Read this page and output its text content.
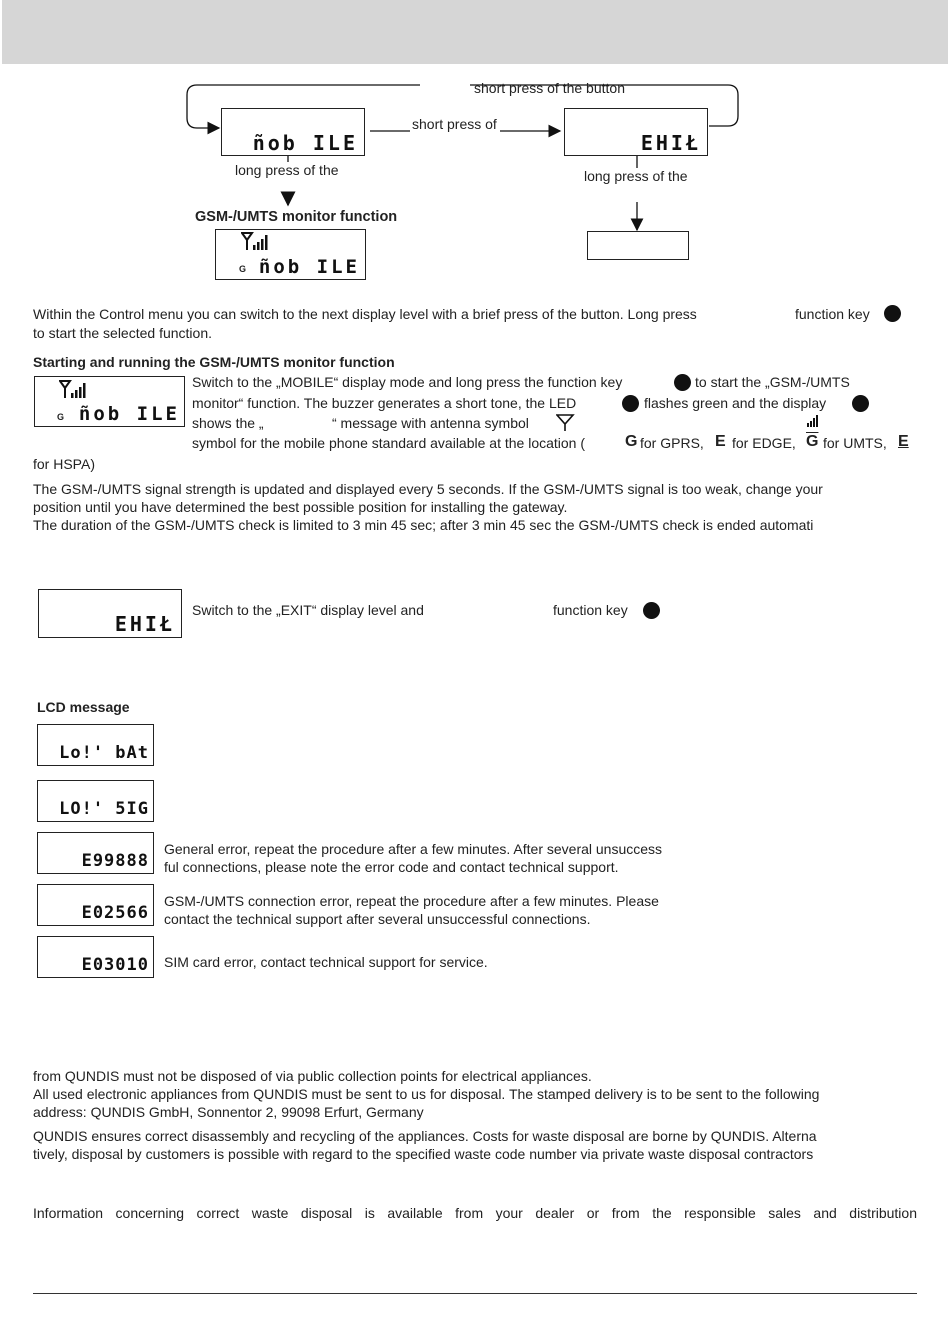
short press of the button
short press of
long press of the	long press of the
GSM-/UMTS monitor function
ñob ILE	EHIŁ
G ñob ILE
Within the Control menu you can switch to the next display level with a brief press of the button. Long press	function key
to start the selected function.
Starting and running the GSM-/UMTS monitor function
G ñob ILE
Switch to the „MOBILE“ display mode and long press the function key	to start the „GSM-/UMTS
monitor“ function. The buzzer generates a short tone, the LED	flashes green and the display
shows the „	“ message with antenna symbol
symbol for the mobile phone standard available at the location ( G for GPRS, E for EDGE, $\overline{G}$ for UMTS, E
for HSPA)
The GSM-/UMTS signal strength is updated and displayed every 5 seconds. If the GSM-/UMTS signal is too weak, change your
position until you have determined the best possible position for installing the gateway.
The duration of the GSM-/UMTS check is limited to 3 min 45 sec; after 3 min 45 sec the GSM-/UMTS check is ended automati
EHIŁ
Switch to the „EXIT“ display level and	function key
LCD message
Lo!' bAt
LO!' 5IG
E99888
General error, repeat the procedure after a few minutes. After several unsuccess
ful connections, please note the error code and contact technical support.
E02566
GSM-/UMTS connection error, repeat the procedure after a few minutes. Please
contact the technical support after several unsuccessful connections.
E03010 SIM card error, contact technical support for service.
from QUNDIS must not be disposed of via public collection points for electrical appliances.
All used electronic appliances from QUNDIS must be sent to us for disposal. The stamped delivery is to be sent to the following
address: QUNDIS GmbH, Sonnentor 2, 99098 Erfurt, Germany
QUNDIS ensures correct disassembly and recycling of the appliances. Costs for waste disposal are borne by QUNDIS. Alterna
tively, disposal by customers is possible with regard to the specified waste code number via private waste disposal contractors
Information concerning correct waste disposal is available from your dealer or from the responsible sales and distribution
